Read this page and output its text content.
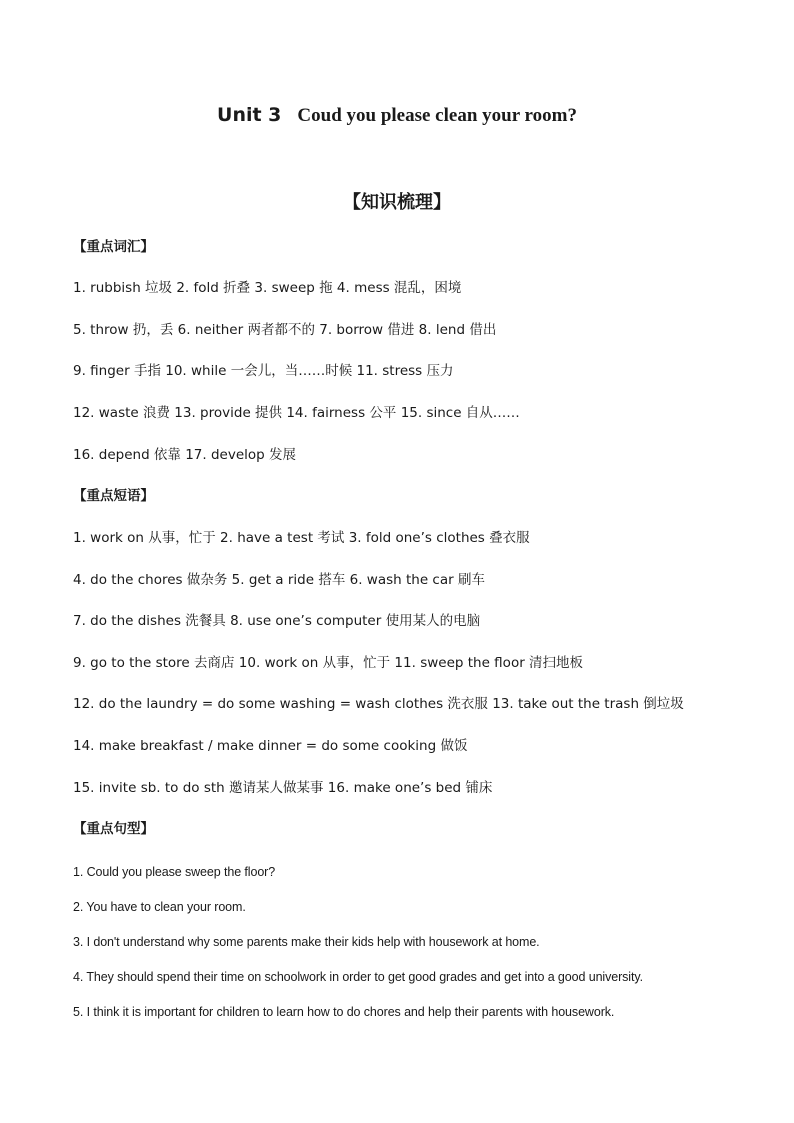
Unit 3 Coud you please clean your room?
【知识梳理】
【重点词汇】
1. rubbish 垃圾 2. fold 折叠 3. sweep 拖 4. mess 混乱，困境
5. throw 扔，丢 6. neither 两者都不的 7. borrow 借进 8. lend 借出
9. finger 手指 10. while 一会儿，当……时候 11. stress 压力
12. waste 浪费 13. provide 提供 14. fairness 公平 15. since 自从……
16. depend 依靠 17. develop 发展
【重点短语】
1. work on 从事，忙于 2. have a test 考试 3. fold one’s clothes 叠衣服
4. do the chores 做杂务 5. get a ride 搭车 6. wash the car 刷车
7. do the dishes 洗餐具 8. use one’s computer 使用某人的电脑
9. go to the store 去商店 10. work on 从事，忙于 11. sweep the floor 清扫地板
12. do the laundry = do some washing = wash clothes 洗衣服 13. take out the trash 倒垃圾
14. make breakfast / make dinner = do some cooking 做饭
15. invite sb. to do sth 邀请某人做某事 16. make one’s bed 铺床
【重点句型】
1. Could you please sweep the floor?
2. You have to clean your room.
3. I don't understand why some parents make their kids help with housework at home.
4. They should spend their time on schoolwork in order to get good grades and get into a good university.
5. I think it is important for children to learn how to do chores and help their parents with housework.
